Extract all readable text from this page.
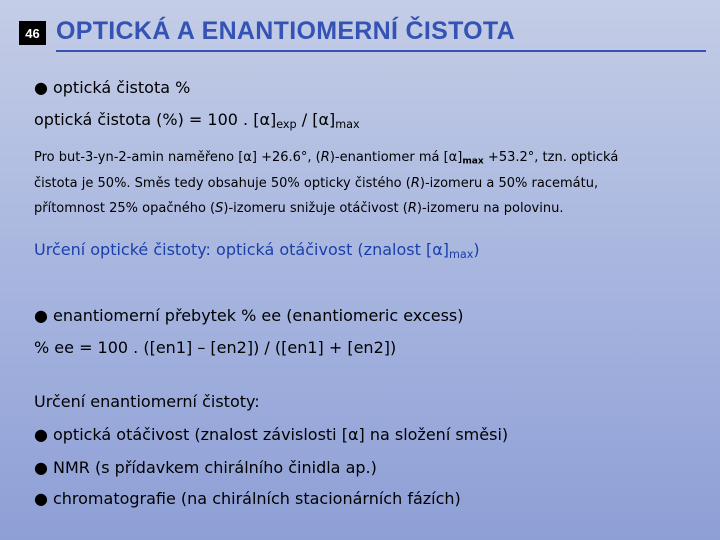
46 OPTICKÁ A ENANTIOMERNÍ ČISTOTA
● optická čistota %
optická čistota (%) = 100 . $[\alpha]_{exp} / [\alpha]_{max}$
Pro but-3-yn-2-amin naměřeno [α] +26.6°, (R)-enantiomer má $[\alpha]_{max} +53.2^\circ$, tzn. optická
čistota je 50%. Směs tedy obsahuje 50% opticky čistého (R)-izomeru a 50% racemátu,
přítomnost 25% opačného (S)-izomeru snižuje otáčivost (R)-izomeru na polovinu.
Určení optické čistoty: optická otáčivost (znalost $[\alpha]_{max}$)
● enantiomerní přebytek % ee (enantiomeric excess)
% ee = 100 . ([en1] – [en2]) / ([en1] + [en2])
Určení enantiomerní čistoty:
● optická otáčivost (znalost závislosti [α] na složení směsi)
● NMR (s přídavkem chirálního činidla ap.)
● chromatografie (na chirálních stacionárních fázích)
